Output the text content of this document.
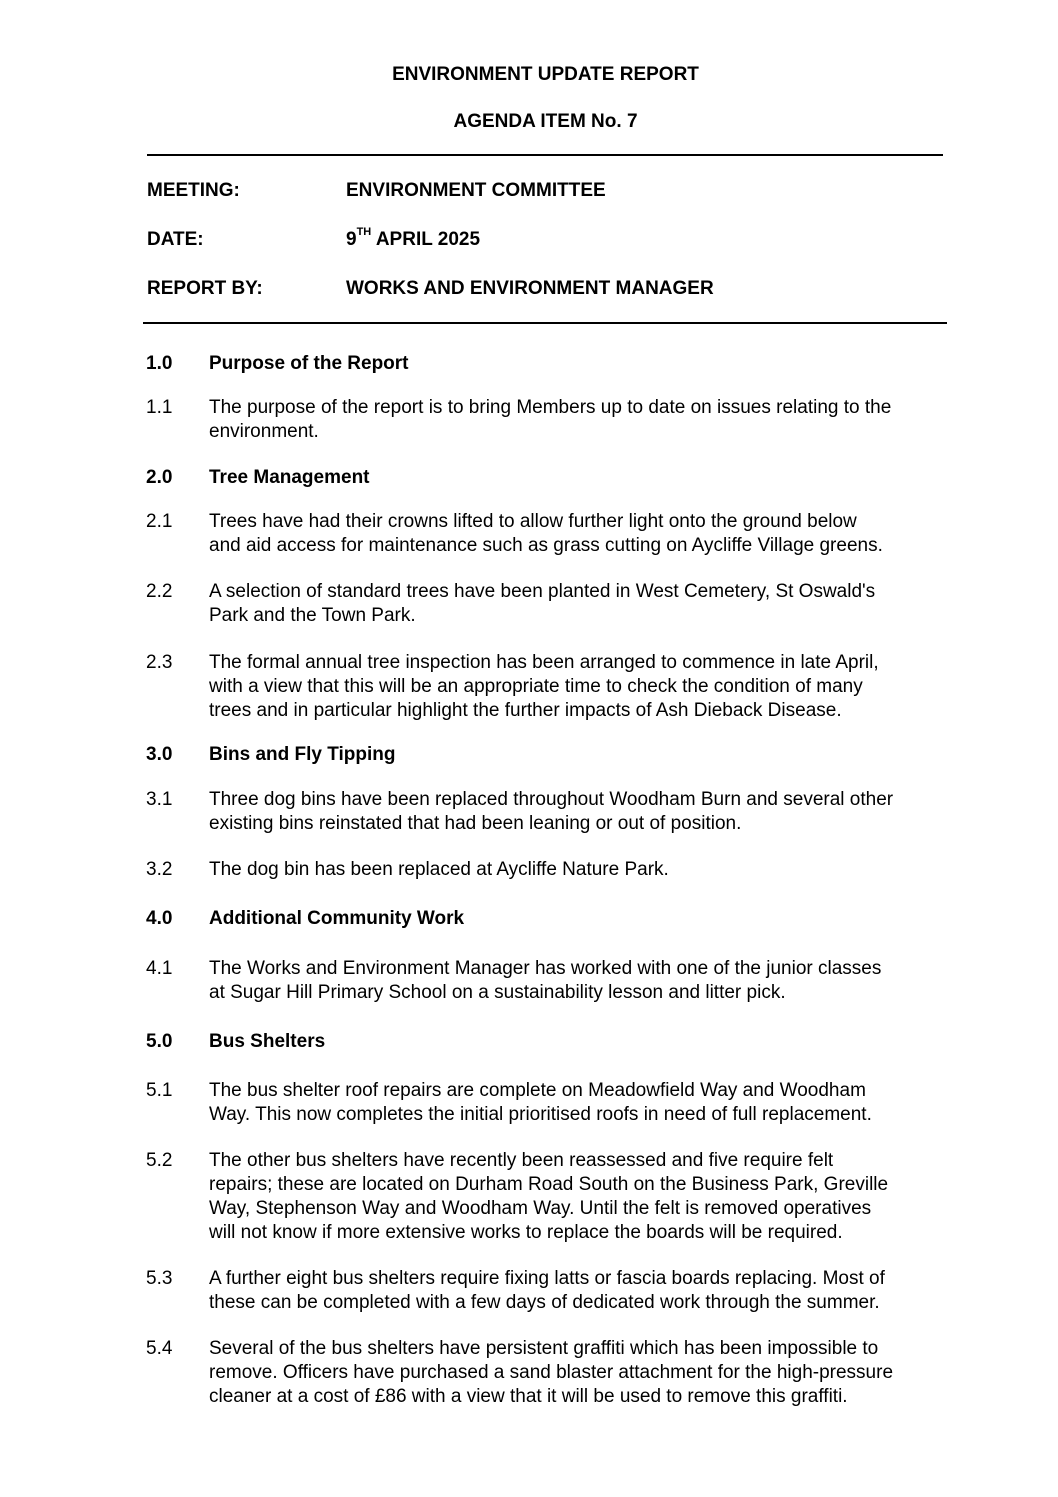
ENVIRONMENT UPDATE REPORT
AGENDA ITEM No. 7
MEETING:	ENVIRONMENT COMMITTEE
DATE:	9TH APRIL 2025
REPORT BY:	WORKS AND ENVIRONMENT MANAGER
1.0 Purpose of the Report
1.1 The purpose of the report is to bring Members up to date on issues relating to the
environment.
2.0 Tree Management
2.1 Trees have had their crowns lifted to allow further light onto the ground below
and aid access for maintenance such as grass cutting on Aycliffe Village greens.
2.2 A selection of standard trees have been planted in West Cemetery, St Oswald's
Park and the Town Park.
2.3 The formal annual tree inspection has been arranged to commence in late April,
with a view that this will be an appropriate time to check the condition of many
trees and in particular highlight the further impacts of Ash Dieback Disease.
3.0 Bins and Fly Tipping
3.1 Three dog bins have been replaced throughout Woodham Burn and several other
existing bins reinstated that had been leaning or out of position.
3.2 The dog bin has been replaced at Aycliffe Nature Park.
4.0 Additional Community Work
4.1 The Works and Environment Manager has worked with one of the junior classes
at Sugar Hill Primary School on a sustainability lesson and litter pick.
5.0 Bus Shelters
5.1 The bus shelter roof repairs are complete on Meadowfield Way and Woodham
Way. This now completes the initial prioritised roofs in need of full replacement.
5.2 The other bus shelters have recently been reassessed and five require felt
repairs; these are located on Durham Road South on the Business Park, Greville
Way, Stephenson Way and Woodham Way. Until the felt is removed operatives
will not know if more extensive works to replace the boards will be required.
5.3 A further eight bus shelters require fixing latts or fascia boards replacing. Most of
these can be completed with a few days of dedicated work through the summer.
5.4 Several of the bus shelters have persistent graffiti which has been impossible to
remove. Officers have purchased a sand blaster attachment for the high-pressure
cleaner at a cost of £86 with a view that it will be used to remove this graffiti.
